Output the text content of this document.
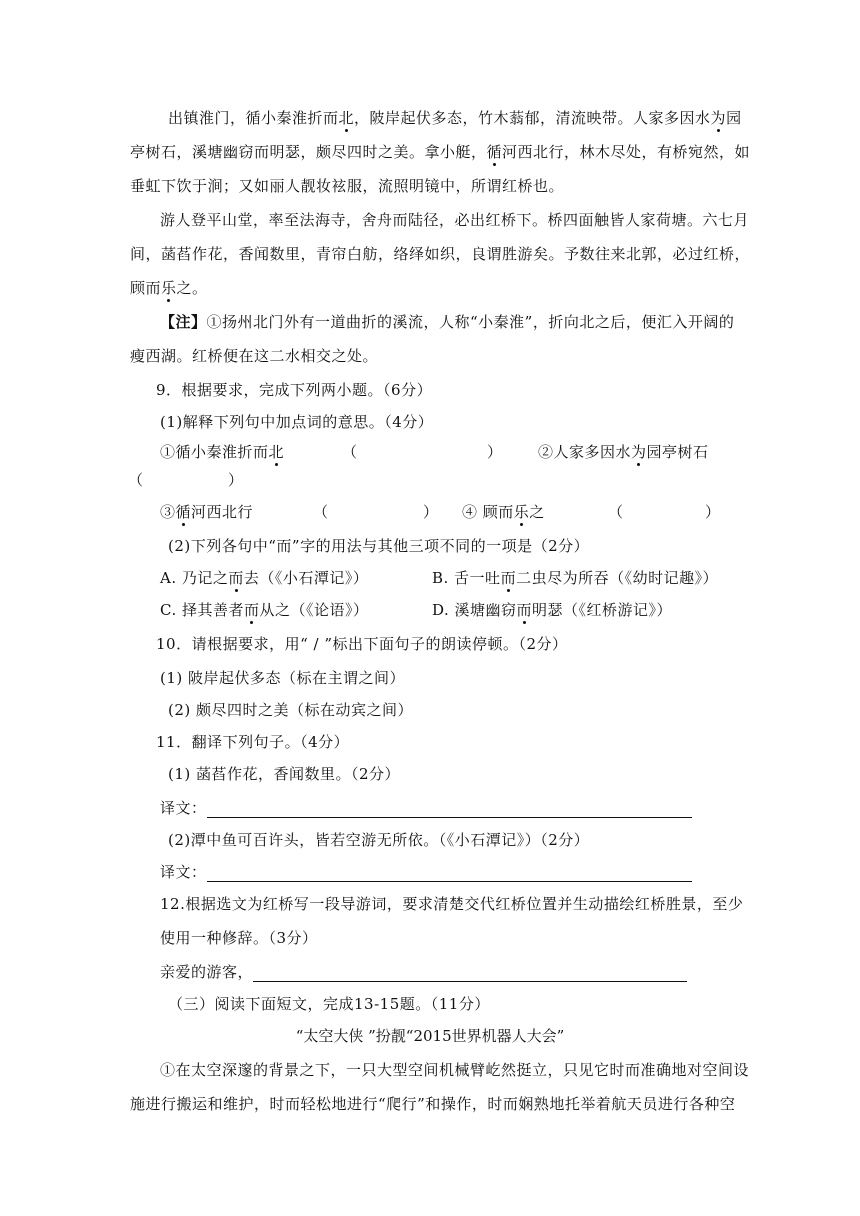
出镇淮门，循小秦淮折而北，陂岸起伏多态，竹木蓊郁，清流映带。人家多因水为园
亭树石，溪塘幽窃而明瑟，颇尽四时之美。拿小艇，循河西北行，林木尽处，有桥宛然，如
垂虹下饮于涧；又如丽人靓妆袨服，流照明镜中，所谓红桥也。
游人登平山堂，率至法海寺，舍舟而陆径，必出红桥下。桥四面触皆人家荷塘。六七月
间，菡萏作花，香闻数里，青帘白舫，络绎如织，良谓胜游矣。予数往来北郭，必过红桥，
顾而乐之。
【注】①扬州北门外有一道曲折的溪流，人称“小秦淮”，折向北之后，便汇入开阔的
瘦西湖。红桥便在这二水相交之处。
9．根据要求，完成下列两小题。（6分）
(1)解释下列句中加点词的意思。（4分）
①循小秦淮折而北	（	） ②人家多因水为园亭树石
（	）
③循河西北行	（	） ④ 顾而乐之	（	）
(2)下列各句中“而”字的用法与其他三项不同的一项是（2分）
A. 乃记之而去（《小石潭记》）	B. 舌一吐而二虫尽为所吞（《幼时记趣》）
C. 择其善者而从之（《论语》）	D. 溪塘幽窃而明瑟（《红桥游记》）
10．请根据要求，用“ / ”标出下面句子的朗读停顿。（2分）
(1) 陂岸起伏多态（标在主谓之间）
(2) 颇尽四时之美（标在动宾之间）
11．翻译下列句子。（4分）
(1) 菡萏作花，香闻数里。（2分）
译文：
(2)潭中鱼可百许头，皆若空游无所依。（《小石潭记》）（2分）
译文：
12.根据选文为红桥写一段导游词，要求清楚交代红桥位置并生动描绘红桥胜景，至少
使用一种修辞。（3分）
亲爱的游客，
（三）阅读下面短文，完成13-15题。（11分）
“太空大侠 ”扮靓“2015世界机器人大会”
①在太空深邃的背景之下，一只大型空间机械臂屹然挺立，只见它时而准确地对空间设
施进行搬运和维护，时而轻松地进行“爬行”和操作，时而娴熟地托举着航天员进行各种空
